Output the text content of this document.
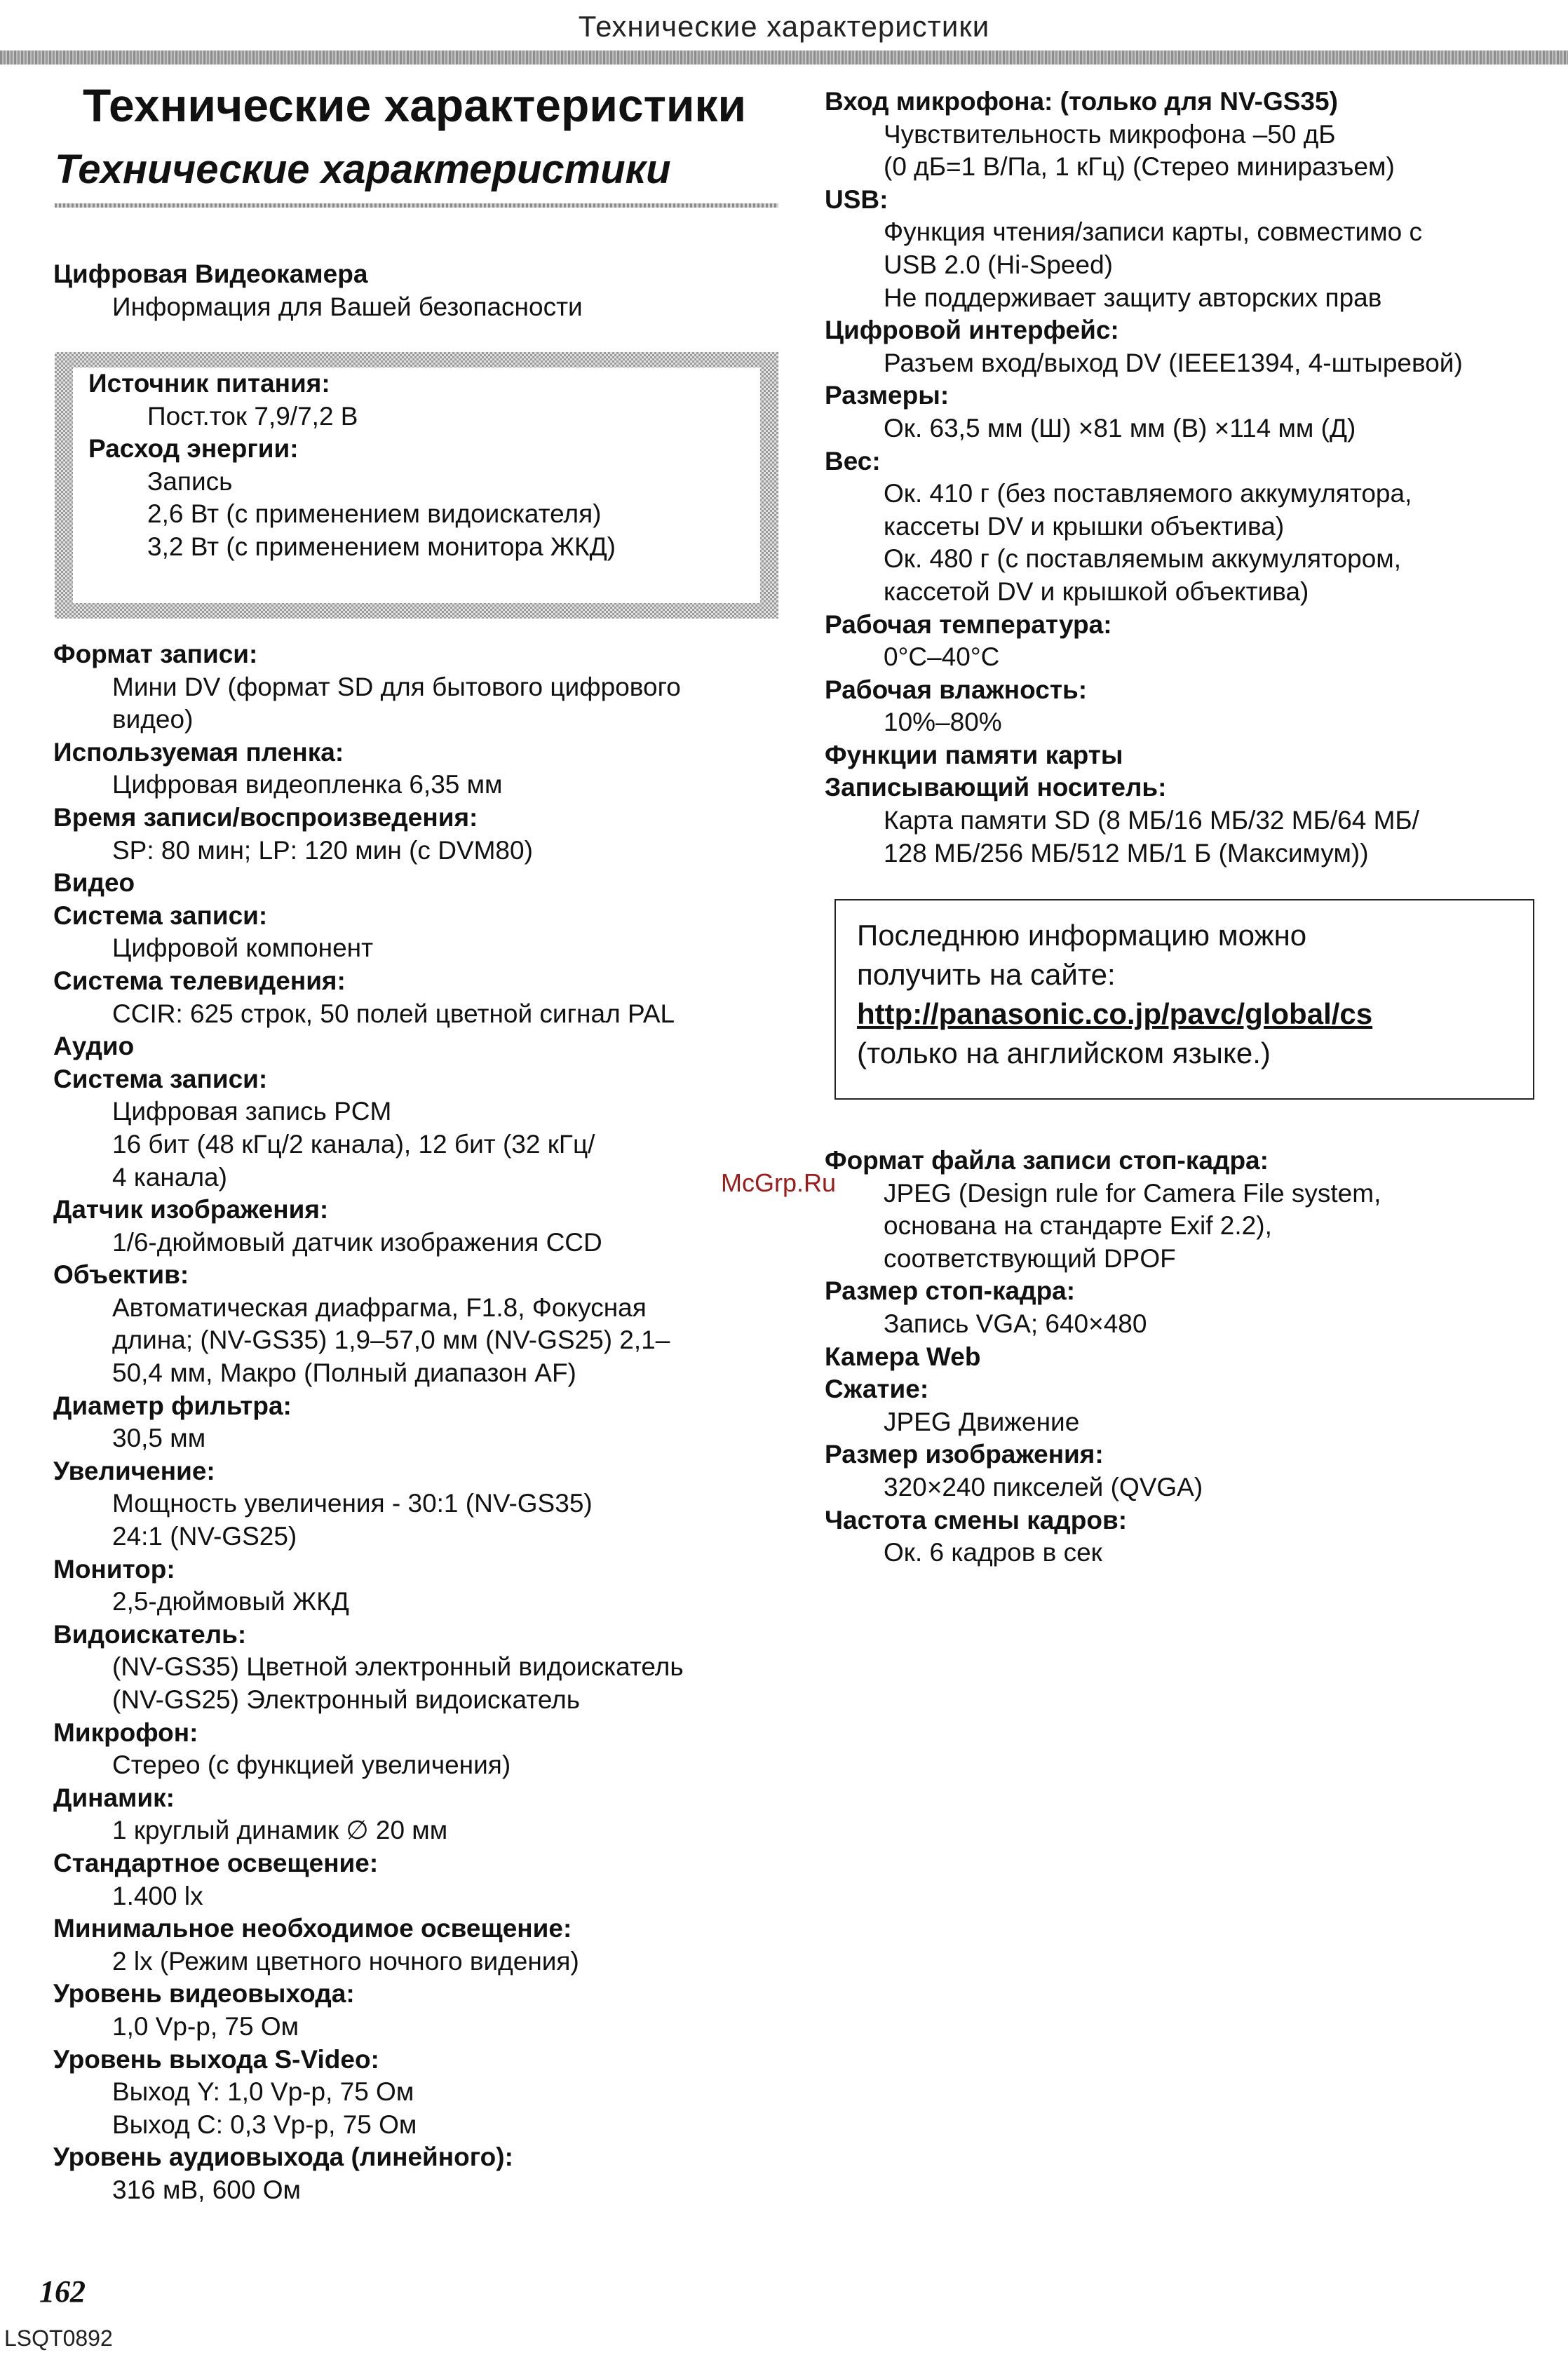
Технические характеристики
Технические характеристики
Технические характеристики
Цифровая Видеокамера
Информация для Вашей безопасности
Источник питания:
Пост.ток 7,9/7,2 В
Расход энергии:
Запись
2,6 Вт (с применением видоискателя)
3,2 Вт (с применением монитора ЖКД)
Формат записи:
Мини DV (формат SD для бытового цифрового
видео)
Используемая пленка:
Цифровая видеопленка 6,35 мм
Время записи/воспроизведения:
SP: 80 мин; LP: 120 мин (с DVM80)
Видео
Система записи:
Цифровой компонент
Система телевидения:
CCIR: 625 строк, 50 полей цветной сигнал PAL
Аудио
Система записи:
Цифровая запись PCM
16 бит (48 кГц/2 канала), 12 бит (32 кГц/
4 канала)
Датчик изображения:
1/6-дюймовый датчик изображения CCD
Объектив:
Автоматическая диафрагма, F1.8, Фокусная
длина; (NV-GS35) 1,9–57,0 мм (NV-GS25) 2,1–
50,4 мм, Макро (Полный диапазон AF)
Диаметр фильтра:
30,5 мм
Увеличение:
Мощность увеличения - 30:1 (NV-GS35)
24:1 (NV-GS25)
Монитор:
2,5-дюймовый ЖКД
Видоискатель:
(NV-GS35) Цветной электронный видоискатель
(NV-GS25) Электронный видоискатель
Микрофон:
Стерео (с функцией увеличения)
Динамик:
1 круглый динамик ∅ 20 мм
Стандартное освещение:
1.400 lx
Минимальное необходимое освещение:
2 lx (Режим цветного ночного видения)
Уровень видеовыхода:
1,0 Vp-p, 75 Ом
Уровень выхода S-Video:
Выход Y: 1,0 Vp-p, 75 Ом
Выход C: 0,3 Vp-p, 75 Ом
Уровень аудиовыхода (линейного):
316 мВ, 600 Ом
Вход микрофона: (только для NV-GS35)
Чувствительность микрофона –50 дБ
(0 дБ=1 В/Па, 1 кГц) (Стерео миниразъем)
USB:
Функция чтения/записи карты, совместимо с
USB 2.0 (Hi-Speed)
Не поддерживает защиту авторских прав
Цифровой интерфейс:
Разъем вход/выход DV (IEEE1394, 4-штыревой)
Размеры:
Ок. 63,5 мм (Ш) ×81 мм (В) ×114 мм (Д)
Вес:
Ок. 410 г (без поставляемого аккумулятора,
кассеты DV и крышки объектива)
Ок. 480 г (с поставляемым аккумулятором,
кассетой DV и крышкой объектива)
Рабочая температура:
0°C–40°C
Рабочая влажность:
10%–80%
Функции памяти карты
Записывающий носитель:
Карта памяти SD (8 МБ/16 МБ/32 МБ/64 МБ/
128 МБ/256 МБ/512 МБ/1 Б (Максимум))
Последнюю информацию можно
получить на сайте:
http://panasonic.co.jp/pavc/global/cs
(только на английском языке.)
Формат файла записи стоп-кадра:
JPEG (Design rule for Camera File system,
основана на стандарте Exif 2.2),
соответствующий DPOF
Размер стоп-кадра:
Запись VGA; 640×480
Камера Web
Сжатие:
JPEG Движение
Размер изображения:
320×240 пикселей (QVGA)
Частота смены кадров:
Ок. 6 кадров в сек
McGrp.Ru
162
LSQT0892
